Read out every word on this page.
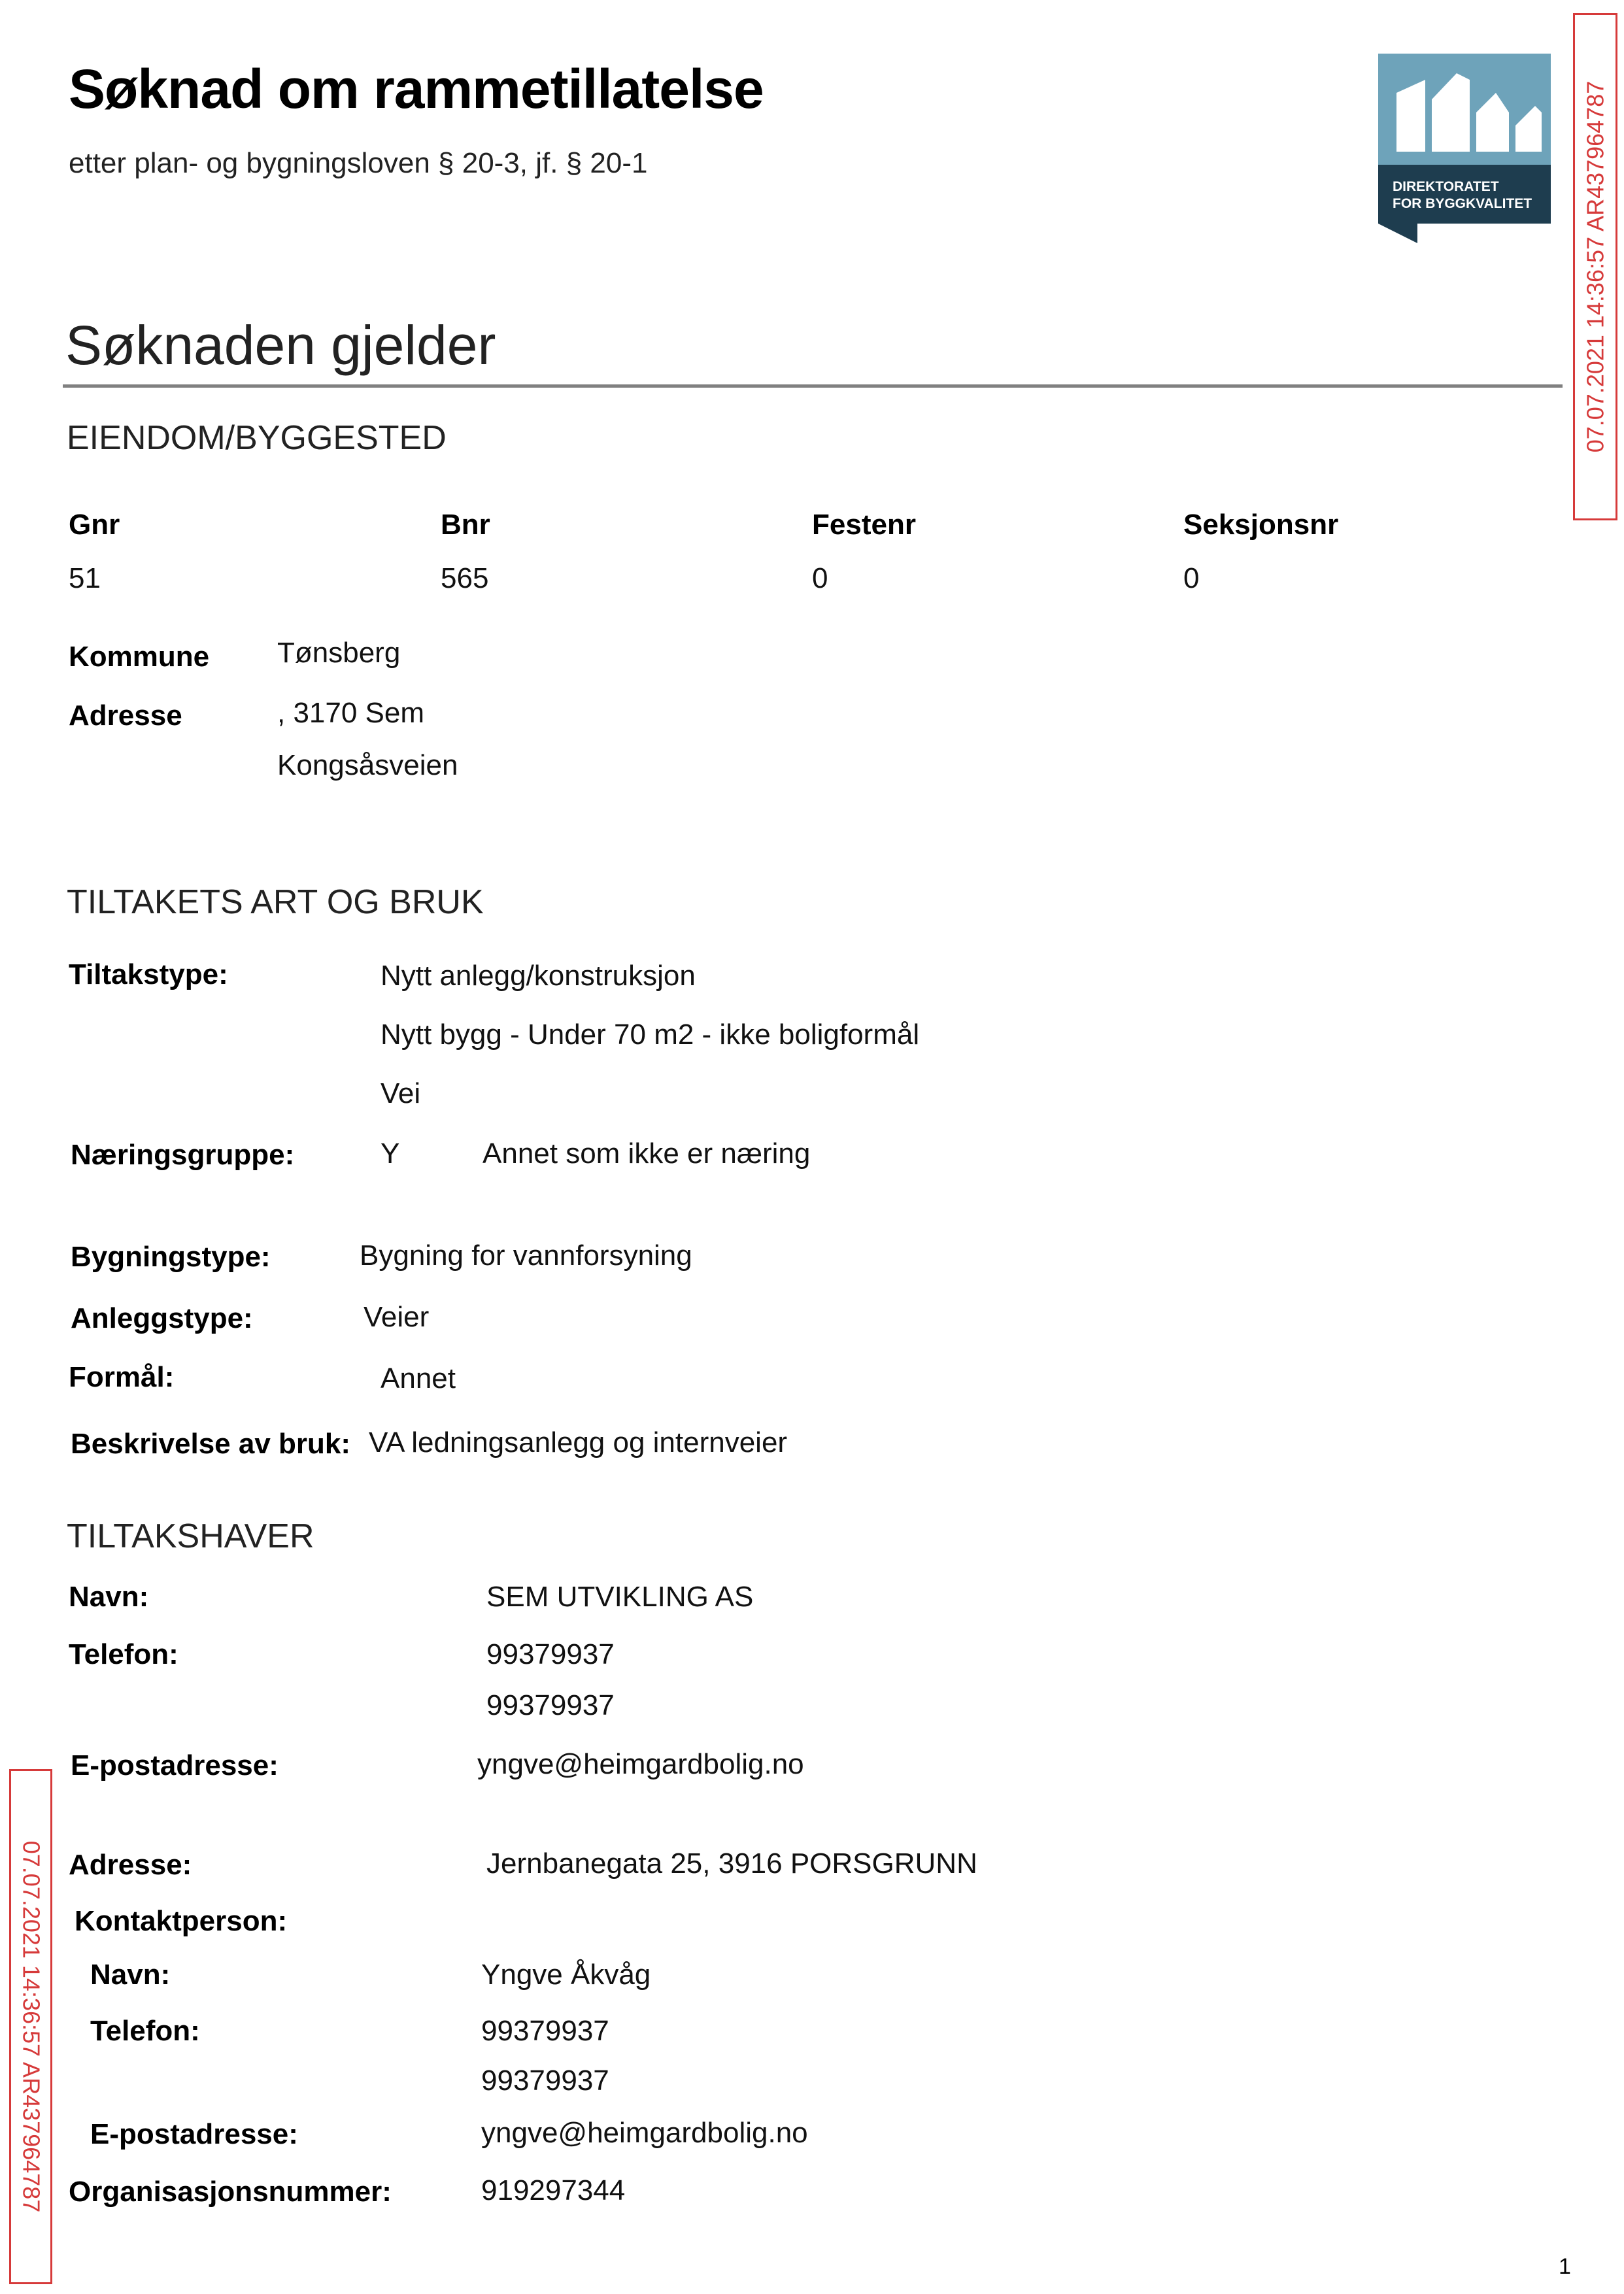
Søknad om rammetillatelse
etter plan- og bygningsloven § 20-3, jf. § 20-1
DIREKTORATET
FOR BYGGKVALITET 07.07.2021 14:36:57 AR437964787
Søknaden gjelder
EIENDOM/BYGGESTED
Gnr	Bnr	Festenr	Seksjonsnr
51	565	0	0
Kommune Tønsberg
Adresse	, 3170 Sem
Kongsåsveien
TILTAKETS ART OG BRUK
Tiltakstype:	Nytt anlegg/konstruksjon
Nytt bygg - Under 70 m2 - ikke boligformål
Vei
Næringsgruppe:	Y	Annet som ikke er næring
Bygningstype:	Bygning for vannforsyning
Anleggstype:	Veier
Formål:	Annet
Beskrivelse av bruk: VA ledningsanlegg og internveier
TILTAKSHAVER
Navn:	SEM UTVIKLING AS
Telefon:	99379937
99379937
E-postadresse:	yngve@heimgardbolig.no
Adresse:	Jernbanegata 25, 3916 PORSGRUNN
Kontaktperson:
Navn:	Yngve Åkvåg
Telefon:	99379937
99379937
E-postadresse:	yngve@heimgardbolig.no
Organisasjonsnummer:	919297344
07.07.2021 14:36:57 AR437964787
1
